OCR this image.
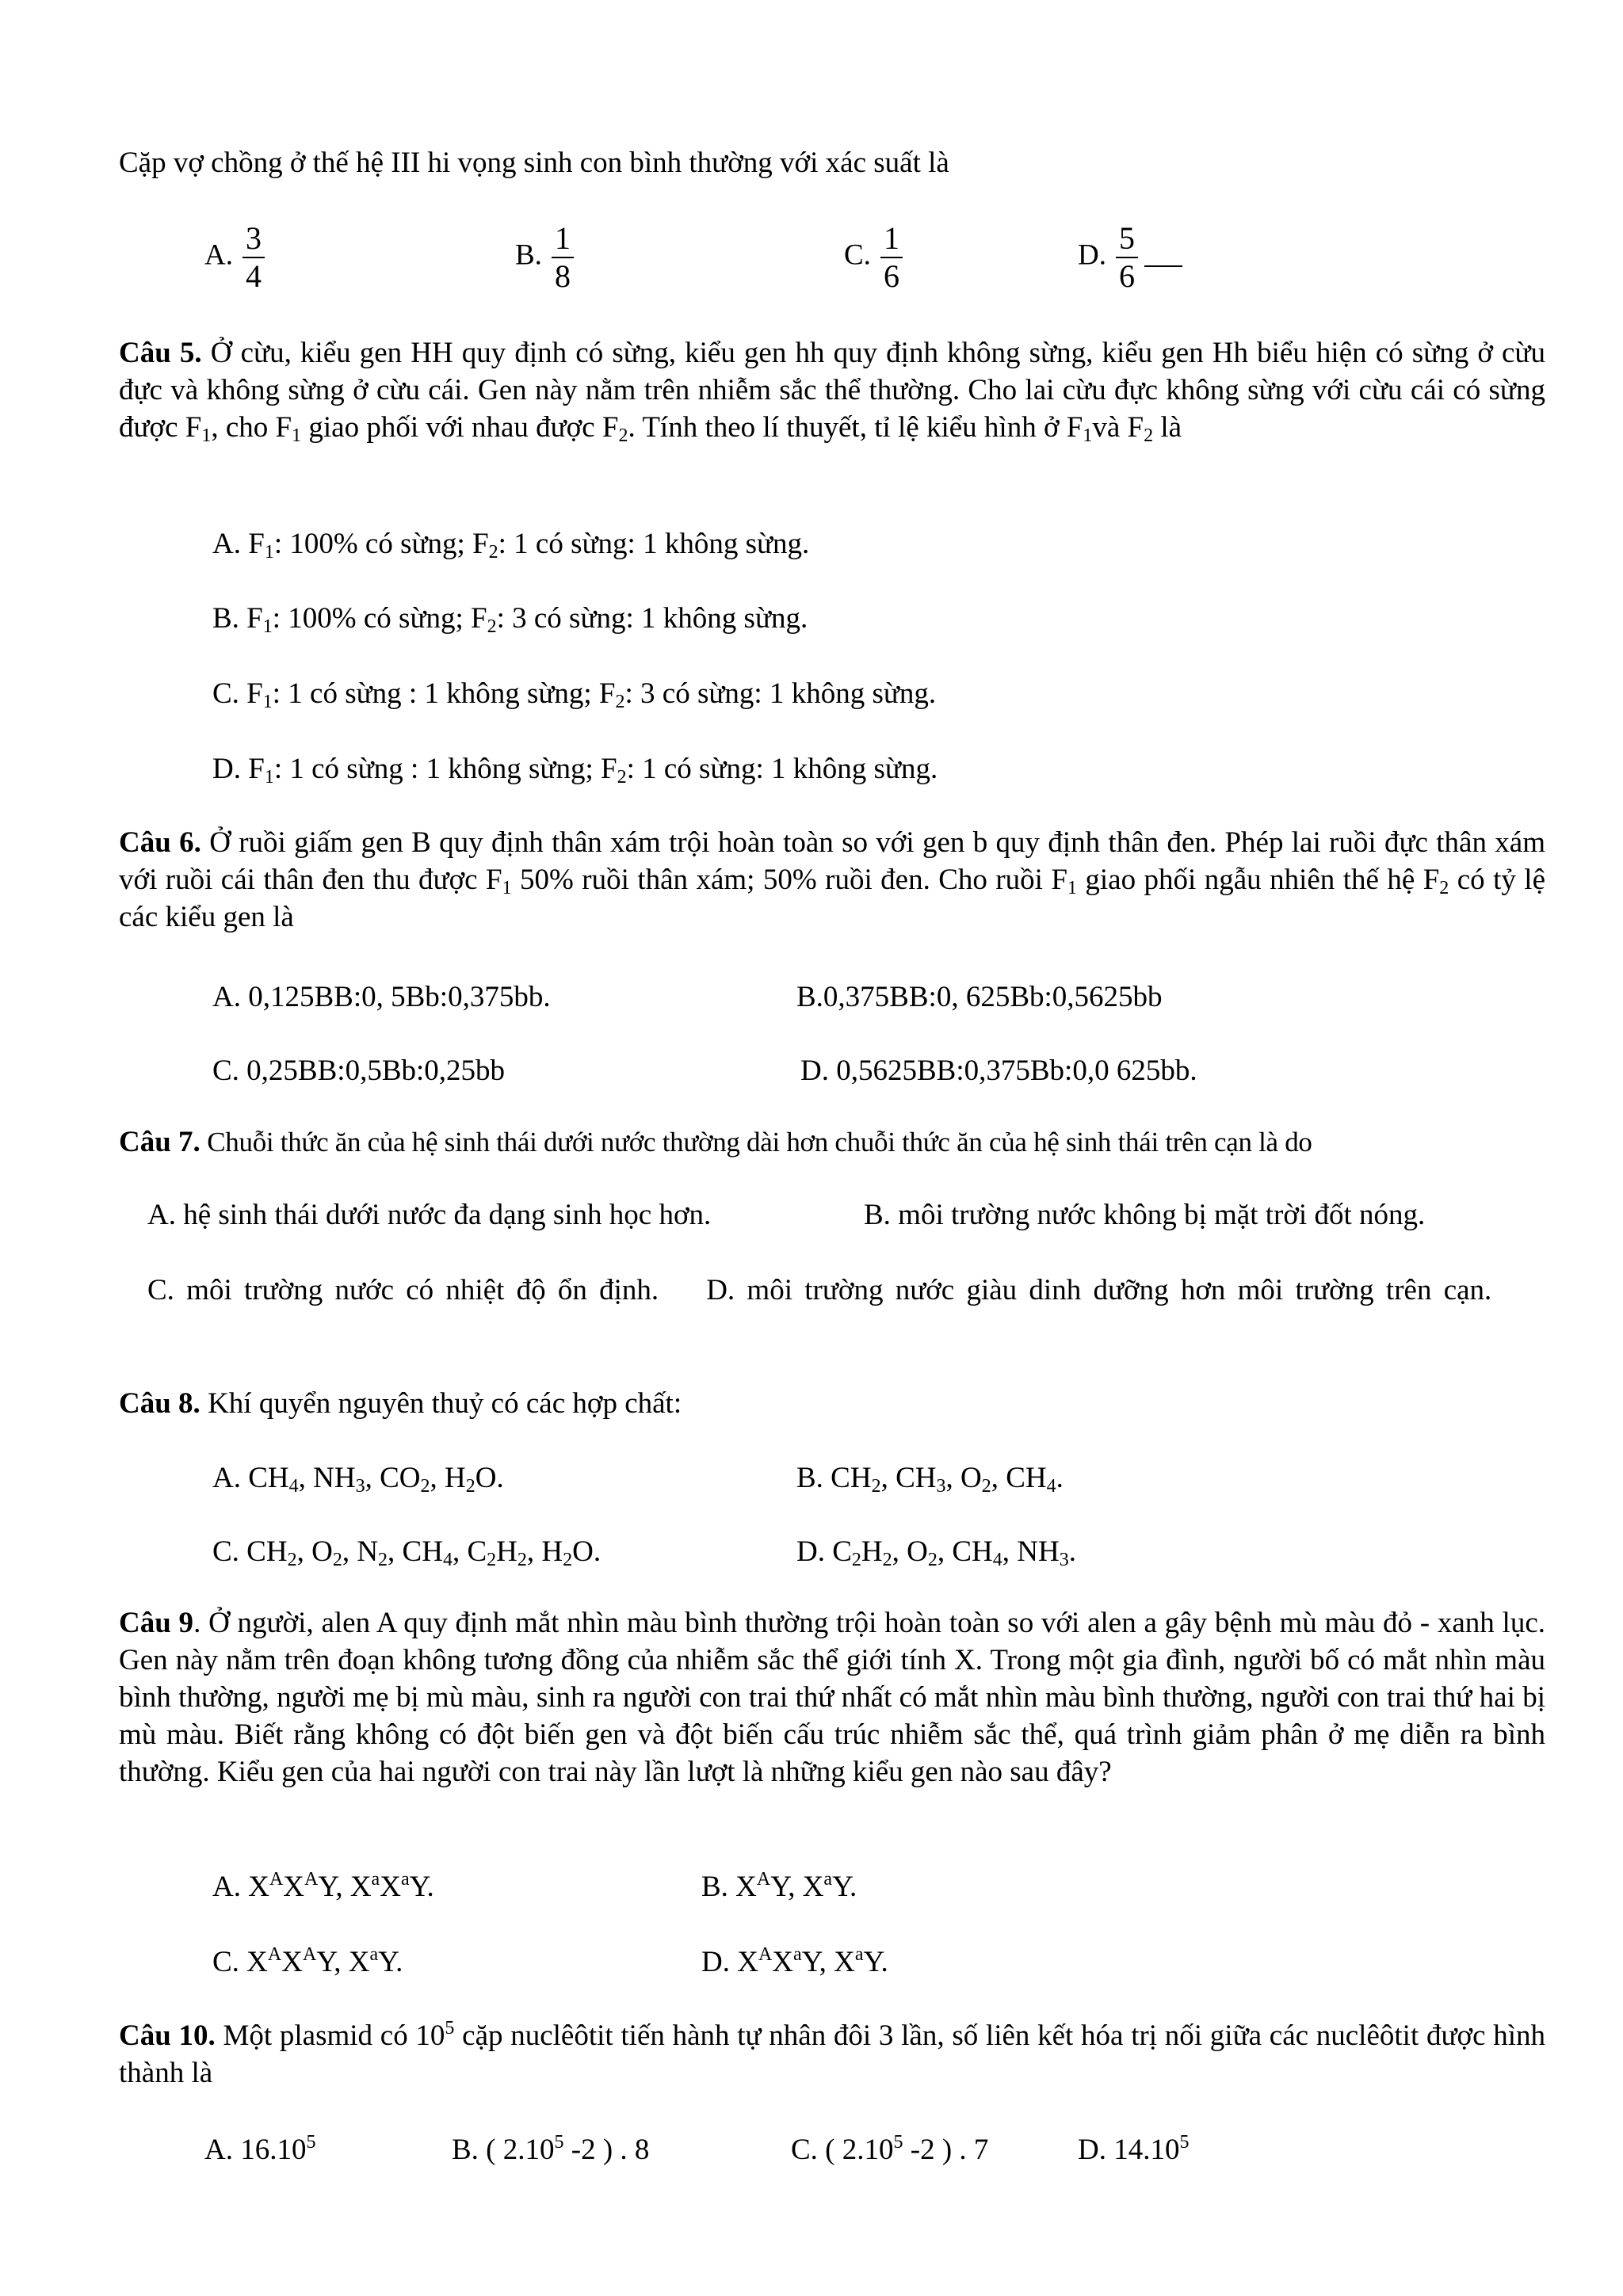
Cặp vợ chồng ở thế hệ III hi vọng sinh con bình thường với xác suất là
A. $\frac{3}{4}$	B. $\frac{1}{8}$	C. $\frac{1}{6}$	D. $\frac{5}{6}$
Câu 5. Ở cừu, kiểu gen HH quy định có sừng, kiểu gen hh quy định không sừng, kiểu gen Hh biểu hiện có sừng ở cừu đực và không sừng ở cừu cái. Gen này nằm trên nhiễm sắc thể thường. Cho lai cừu đực không sừng với cừu cái có sừng được $F_1$, cho $F_1$ giao phối với nhau được $F_2$. Tính theo lí thuyết, tỉ lệ kiểu hình ở $F_1và$ $F_2$ là
A. $F_1$: 100% có sừng; $F_2$: 1 có sừng: 1 không sừng.
B. $F_1$: 100% có sừng; $F_2$: 3 có sừng: 1 không sừng.
C. $F_1$: 1 có sừng : 1 không sừng; $F_2$: 3 có sừng: 1 không sừng.
D. $F_1$: 1 có sừng : 1 không sừng; $F_2$: 1 có sừng: 1 không sừng.
Câu 6. Ở ruồi giấm gen B quy định thân xám trội hoàn toàn so với gen b quy định thân đen. Phép lai ruồi đực thân xám với ruồi cái thân đen thu được $F_1$ 50% ruồi thân xám; 50% ruồi đen. Cho ruồi $F_1$ giao phối ngẫu nhiên thế hệ $F_2$ có tỷ lệ các kiểu gen là
A. 0,125BB:0, 5Bb:0,375bb.	B.0,375BB:0, 625Bb:0,5625bb
C. 0,25BB:0,5Bb:0,25bb	D. 0,5625BB:0,375Bb:0,0 625bb.
Câu 7. Chuỗi thức ăn của hệ sinh thái dưới nước thường dài hơn chuỗi thức ăn của hệ sinh thái trên cạn là do
A. hệ sinh thái dưới nước đa dạng sinh học hơn.	B. môi trường nước không bị mặt trời đốt nóng.
C. môi trường nước có nhiệt độ ổn định. D. môi trường nước giàu dinh dưỡng hơn môi trường trên cạn.
Câu 8. Khí quyển nguyên thuỷ có các hợp chất:
A. $CH_4$, $NH_3$, $CO_2$, $H_2O$.	B. $CH_2$, $CH_3$, $O_2$, $CH_4$.
C. $CH_2$, $O_2$, $N_2$, $CH_4$, $C_2H_2$, $H_2O$.	D. $C_2H_2$, $O_2$, $CH_4$, $NH_3$.
Câu 9. Ở người, alen A quy định mắt nhìn màu bình thường trội hoàn toàn so với alen a gây bệnh mù màu đỏ - xanh lục. Gen này nằm trên đoạn không tương đồng của nhiễm sắc thể giới tính X. Trong một gia đình, người bố có mắt nhìn màu bình thường, người mẹ bị mù màu, sinh ra người con trai thứ nhất có mắt nhìn màu bình thường, người con trai thứ hai bị mù màu. Biết rằng không có đột biến gen và đột biến cấu trúc nhiễm sắc thể, quá trình giảm phân ở mẹ diễn ra bình thường. Kiểu gen của hai người con trai này lần lượt là những kiểu gen nào sau đây?
A. $X^AX^AY$, $X^aX^aY$.	B. $X^AY$, $X^aY$.
C. $X^AX^AY$, $X^aY$.	D. $X^AX^aY$, $X^aY$.
Câu 10. Một plasmid có $10^5$ cặp nuclêôtit tiến hành tự nhân đôi 3 lần, số liên kết hóa trị nối giữa các nuclêôtit được hình thành là
A. 16.10$^5$	B. ( 2.10$^5$ -2 ) . 8	C. ( 2.10$^5$ -2 ) . 7	D. 14.10$^5$
